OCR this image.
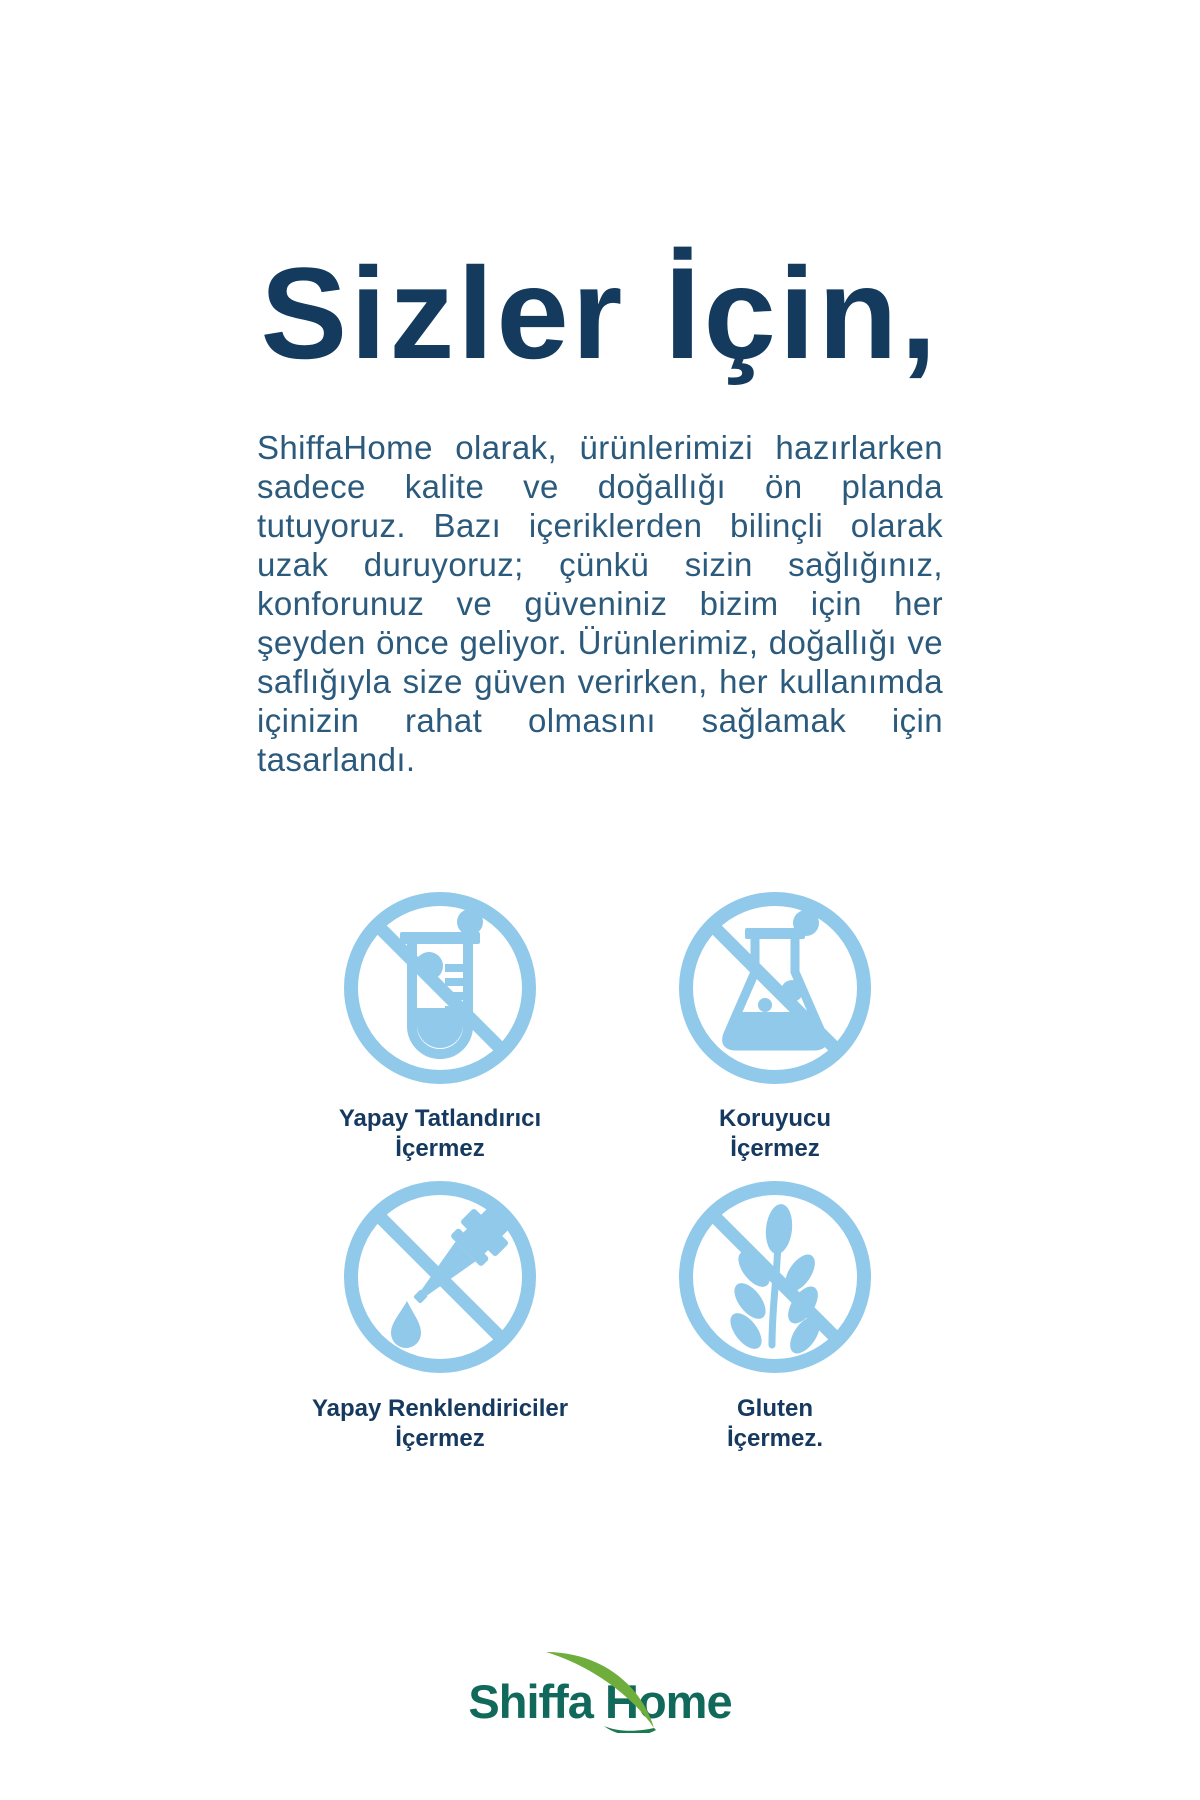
Sizler İçin,
ShiffaHome olarak, ürünlerimizi hazırlarken sadece kalite ve doğallığı ön planda tutuyoruz. Bazı içeriklerden bilinçli olarak uzak duruyoruz; çünkü sizin sağlığınız, konforunuz ve güveniniz bizim için her şeyden önce geliyor. Ürünlerimiz, doğallığı ve saflığıyla size güven verirken, her kullanımda içinizin rahat olmasını sağlamak için tasarlandı.
Yapay Tatlandırıcı
İçermez
Koruyucu
İçermez
Yapay Renklendiriciler
İçermez
Gluten
İçermez.
Shiffa Home
